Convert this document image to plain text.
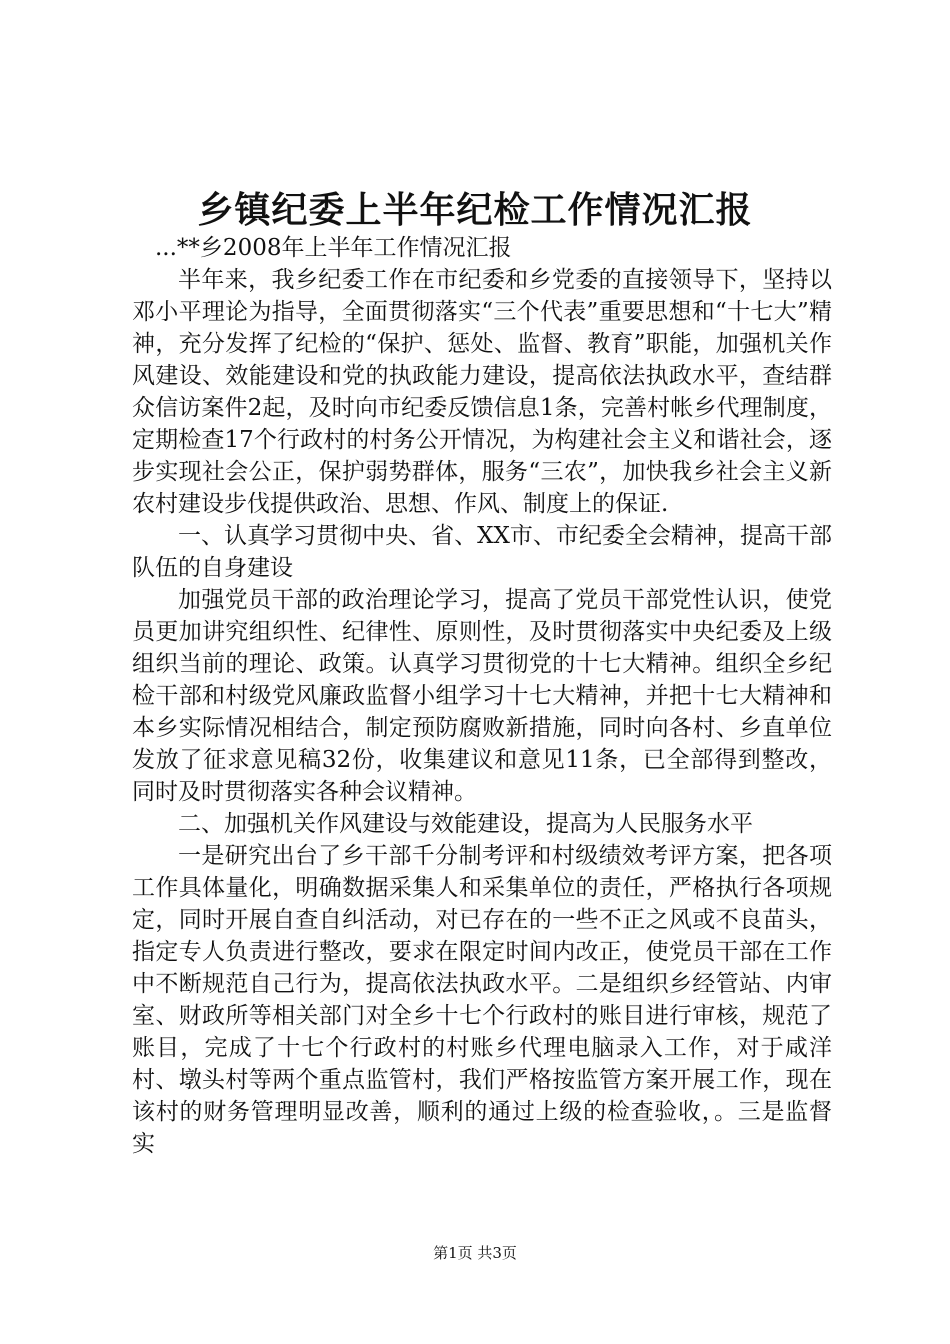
乡镇纪委上半年纪检工作情况汇报

...**乡2008年上半年工作情况汇报

半年来，我乡纪委工作在市纪委和乡党委的直接领导下，坚持以邓小平理论为指导，全面贯彻落实“三个代表”重要思想和“十七大”精神，充分发挥了纪检的“保护、惩处、监督、教育”职能，加强机关作风建设、效能建设和党的执政能力建设，提高依法执政水平，查结群众信访案件2起，及时向市纪委反馈信息1条，完善村帐乡代理制度，定期检查17个行政村的村务公开情况，为构建社会主义和谐社会，逐步实现社会公正，保护弱势群体，服务“三农”，加快我乡社会主义新农村建设步伐提供政治、思想、作风、制度上的保证.

一、认真学习贯彻中央、省、XX市、市纪委全会精神，提高干部队伍的自身建设

加强党员干部的政治理论学习，提高了党员干部党性认识，使党员更加讲究组织性、纪律性、原则性，及时贯彻落实中央纪委及上级组织当前的理论、政策。认真学习贯彻党的十七大精神。组织全乡纪检干部和村级党风廉政监督小组学习十七大精神，并把十七大精神和本乡实际情况相结合，制定预防腐败新措施，同时向各村、乡直单位发放了征求意见稿32份，收集建议和意见11条，已全部得到整改，同时及时贯彻落实各种会议精神。

二、加强机关作风建设与效能建设，提高为人民服务水平

一是研究出台了乡干部千分制考评和村级绩效考评方案，把各项工作具体量化，明确数据采集人和采集单位的责任，严格执行各项规定，同时开展自查自纠活动，对已存在的一些不正之风或不良苗头，指定专人负责进行整改，要求在限定时间内改正，使党员干部在工作中不断规范自己行为，提高依法执政水平。二是组织乡经管站、内审室、财政所等相关部门对全乡十七个行政村的账目进行审核，规范了账目，完成了十七个行政村的村账乡代理电脑录入工作，对于咸洋村、墩头村等两个重点监管村，我们严格按监管方案开展工作，现在该村的财务管理明显改善，顺利的通过上级的检查验收，。三是监督实

第1页 共3页
